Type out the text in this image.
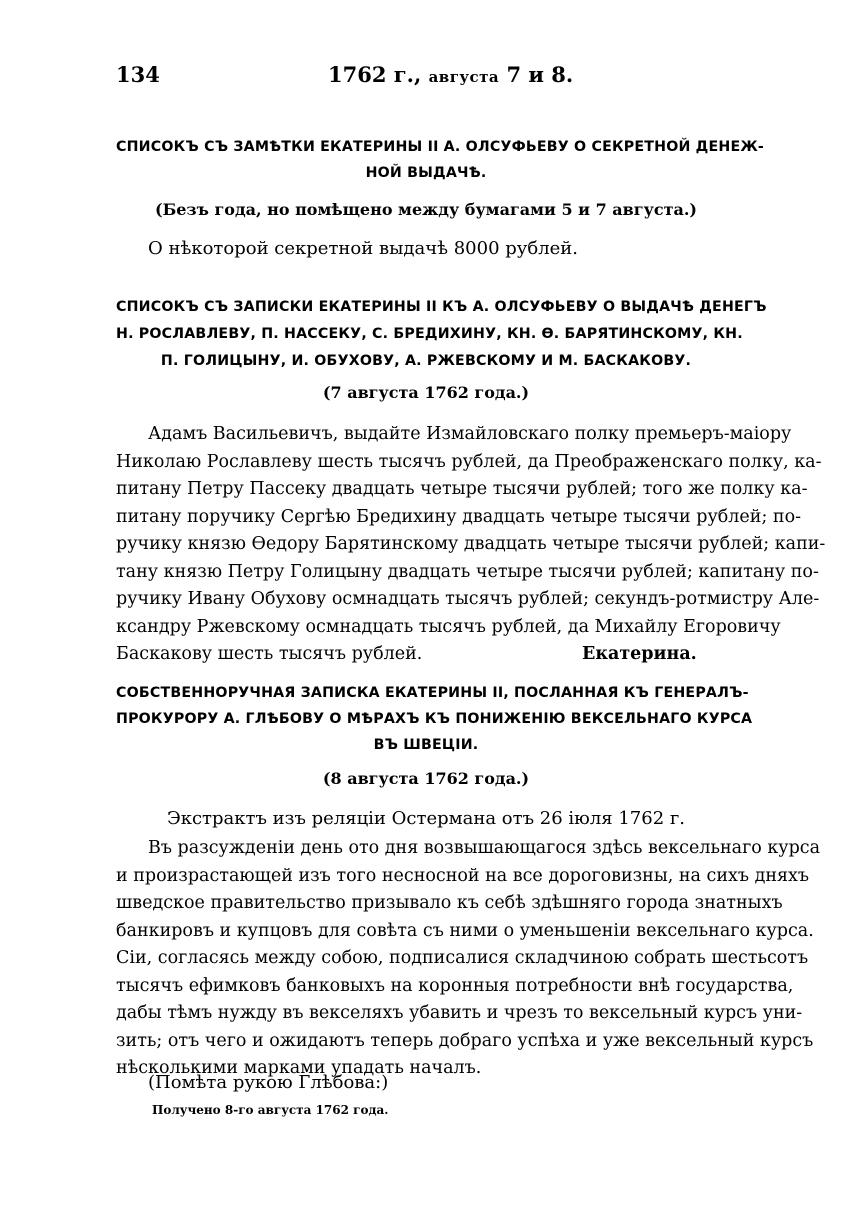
134	1762 г., августа 7 и 8.
СПИСОКЪ СЪ ЗАМѢТКИ ЕКАТЕРИНЫ II А. ОЛСУФЬЕВУ О СЕКРЕТНОЙ ДЕНЕЖ-
НОЙ ВЫДАЧѢ.
(Безъ года, но помѣщено между бумагами 5 и 7 августа.)
О нѣкоторой секретной выдачѣ 8000 рублей.
СПИСОКЪ СЪ ЗАПИСКИ ЕКАТЕРИНЫ II КЪ А. ОЛСУФЬЕВУ О ВЫДАЧѢ ДЕНЕГЪ
Н. РОСЛАВЛЕВУ, П. НАССЕКУ, С. БРЕДИХИНУ, КН. Ѳ. БАРЯТИНСКОМУ, КН.
П. ГОЛИЦЫНУ, И. ОБУХОВУ, А. РЖЕВСКОМУ И М. БАСКАКОВУ.
(7 августа 1762 года.)
Адамъ Васильевичъ, выдайте Измайловскаго полку премьеръ-маіору
Николаю Рославлеву шесть тысячъ рублей, да Преображенскаго полку, ка-
питану Петру Пассеку двадцать четыре тысячи рублей; того же полку ка-
питану поручику Сергѣю Бредихину двадцать четыре тысячи рублей; по-
ручику князю Ѳедору Барятинскому двадцать четыре тысячи рублей; капи-
тану князю Петру Голицыну двадцать четыре тысячи рублей; капитану по-
ручику Ивану Обухову осмнадцать тысячъ рублей; секундъ-ротмистру Але-
ксандру Ржевскому осмнадцать тысячъ рублей, да Михайлу Егоровичу
Баскакову шесть тысячъ рублей.	Екатерина.
СОБСТВЕННОРУЧНАЯ ЗАПИСКА ЕКАТЕРИНЫ II, ПОСЛАННАЯ КЪ ГЕНЕРАЛЪ-
ПРОКУРОРУ А. ГЛѢБОВУ О МѢРАХЪ КЪ ПОНИЖЕНІЮ ВЕКСЕЛЬНАГО КУРСА
ВЪ ШВЕЦІИ.
(8 августа 1762 года.)
Экстрактъ изъ реляціи Остермана отъ 26 іюля 1762 г.
Въ разсужденіи день ото дня возвышающагося здѣсь вексельнаго курса
и произрастающей изъ того несносной на все дороговизны, на сихъ дняхъ
шведское правительство призывало къ себѣ здѣшняго города знатныхъ
банкировъ и купцовъ для совѣта съ ними о уменьшеніи вексельнаго курса.
Сіи, согласясь между собою, подписалися складчиною собрать шестьсотъ
тысячъ ефимковъ банковыхъ на коронныя потребности внѣ государства,
дабы тѣмъ нужду въ векселяхъ убавить и чрезъ то вексельный курсъ уни-
зить; отъ чего и ожидаютъ теперь добраго успѣха и уже вексельный курсъ
нѣсколькими марками упадать началъ.
(Помѣта рукою Глѣбова:)
Получено 8-го августа 1762 года.
